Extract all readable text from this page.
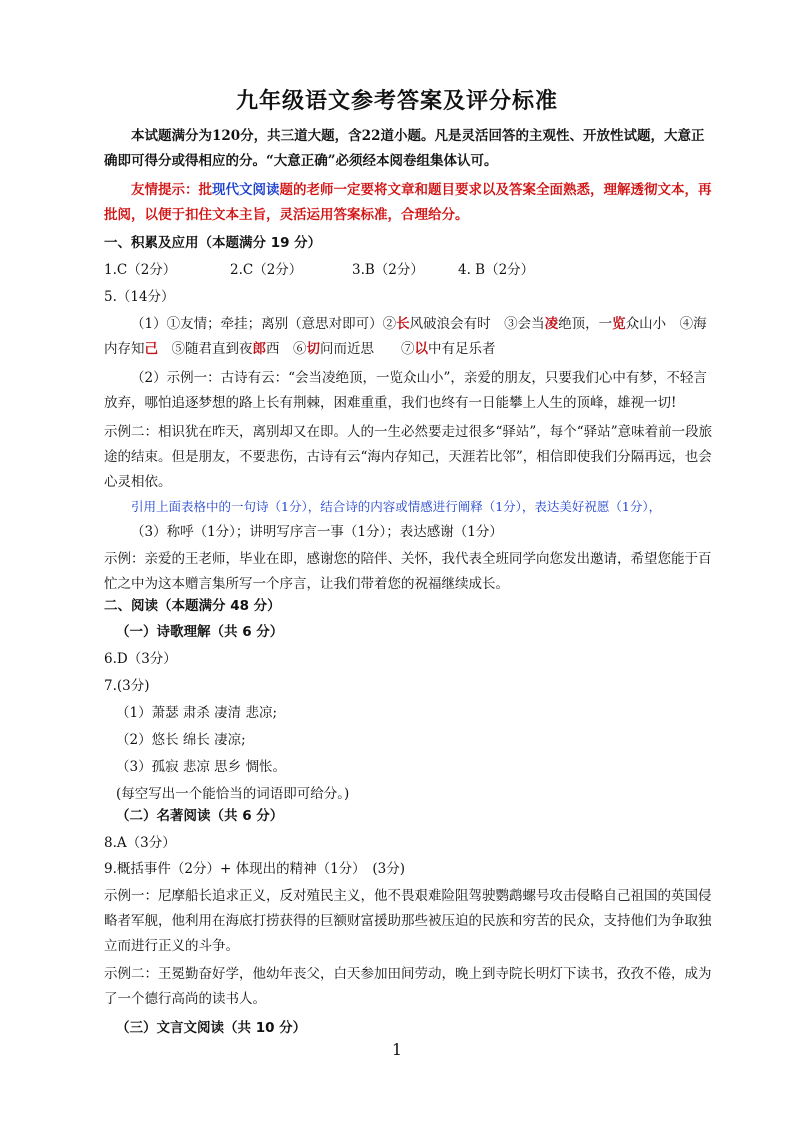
九年级语文参考答案及评分标准
本试题满分为120分，共三道大题，含22道小题。凡是灵活回答的主观性、开放性试题，大意正确即可得分或得相应的分。“大意正确”必须经本阅卷组集体认可。
友情提示：批现代文阅读题的老师一定要将文章和题目要求以及答案全面熟悉，理解透彻文本，再批阅，以便于扣住文本主旨，灵活运用答案标准，合理给分。
一、积累及应用（本题满分 19 分）
1.C（2分）	2.C（2分）	3.B（2分）	4. B（2分）
5.（14分）
（1）①友情；牵挂；离别（意思对即可）②长风破浪会有时　③会当凌绝顶，一览众山小　④海内存知己　⑤随君直到夜郎西　⑥切问而近思　　⑦以中有足乐者
（2）示例一：古诗有云：“会当凌绝顶，一览众山小”，亲爱的朋友，只要我们心中有梦，不轻言放弃，哪怕追逐梦想的路上长有荆棘，困难重重，我们也终有一日能攀上人生的顶峰，雄视一切!
示例二：相识犹在昨天，离别却又在即。人的一生必然要走过很多“驿站”，每个“驿站”意味着前一段旅途的结束。但是朋友，不要悲伤，古诗有云“海内存知己，天涯若比邻”，相信即使我们分隔再远，也会心灵相依。
引用上面表格中的一句诗（1分），结合诗的内容或情感进行阐释（1分），表达美好祝愿（1分），
（3）称呼（1分）；讲明写序言一事（1分）；表达感谢（1分）
示例：亲爱的王老师，毕业在即，感谢您的陪伴、关怀，我代表全班同学向您发出邀请，希望您能于百忙之中为这本赠言集所写一个序言，让我们带着您的祝福继续成长。
二、阅读（本题满分 48 分）
（一）诗歌理解（共 6 分）
6.D（3分）
7.(3分)
（1）萧瑟 肃杀 凄清 悲凉;
（2）悠长 绵长 凄凉;
（3）孤寂 悲凉 思乡 惆怅。
(每空写出一个能恰当的词语即可给分。)
（二）名著阅读（共 6 分）
8.A（3分）
9.概括事件（2分）+ 体现出的精神（1分）　(3分)
示例一：尼摩船长追求正义，反对殖民主义，他不畏艰难险阻驾驶鹦鹉螺号攻击侵略自己祖国的英国侵略者军舰，他利用在海底打捞获得的巨额财富援助那些被压迫的民族和穷苦的民众，支持他们为争取独立而进行正义的斗争。
示例二：王冕勤奋好学，他幼年丧父，白天参加田间劳动，晚上到寺院长明灯下读书，孜孜不倦，成为了一个德行高尚的读书人。
（三）文言文阅读（共 10 分）
1
